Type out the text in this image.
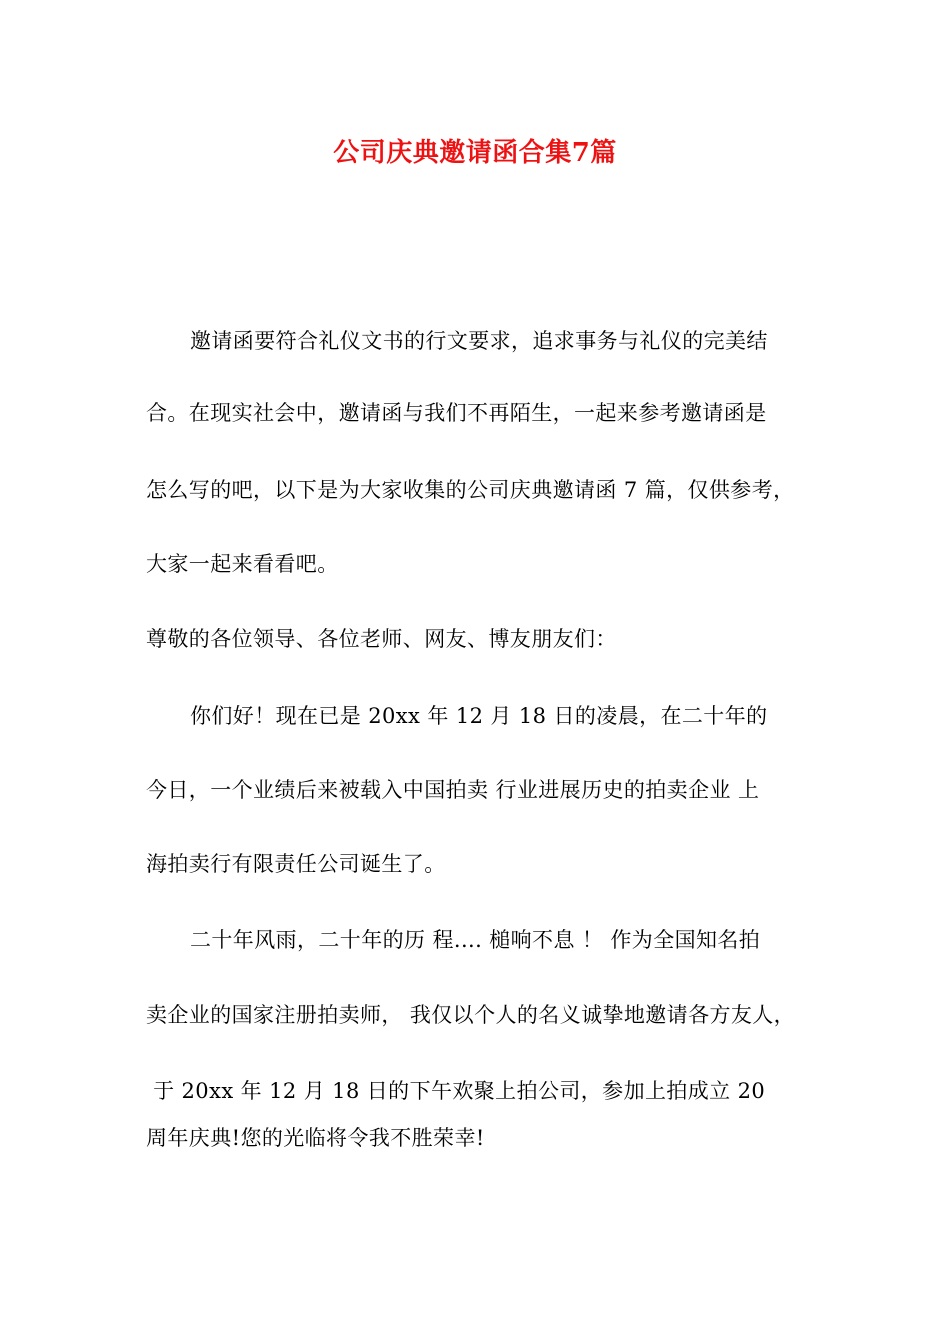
公司庆典邀请函合集7篇
邀请函要符合礼仪文书的行文要求，追求事务与礼仪的完美结
合。在现实社会中，邀请函与我们不再陌生，一起来参考邀请函是
怎么写的吧，以下是为大家收集的公司庆典邀请函 7 篇，仅供参考，
大家一起来看看吧。
尊敬的各位领导、各位老师、网友、博友朋友们：
你们好！现在已是 20xx 年 12 月 18 日的凌晨，在二十年的
今日，一个业绩后来被载入中国拍卖 行业进展历史的拍卖企业 上
海拍卖行有限责任公司诞生了。
二十年风雨，二十年的历 程.... 槌响不息 ！ 作为全国知名拍
卖企业的国家注册拍卖师， 我仅以个人的名义诚挚地邀请各方友人，
于 20xx 年 12 月 18 日的下午欢聚上拍公司，参加上拍成立 20
周年庆典!您的光临将令我不胜荣幸!
